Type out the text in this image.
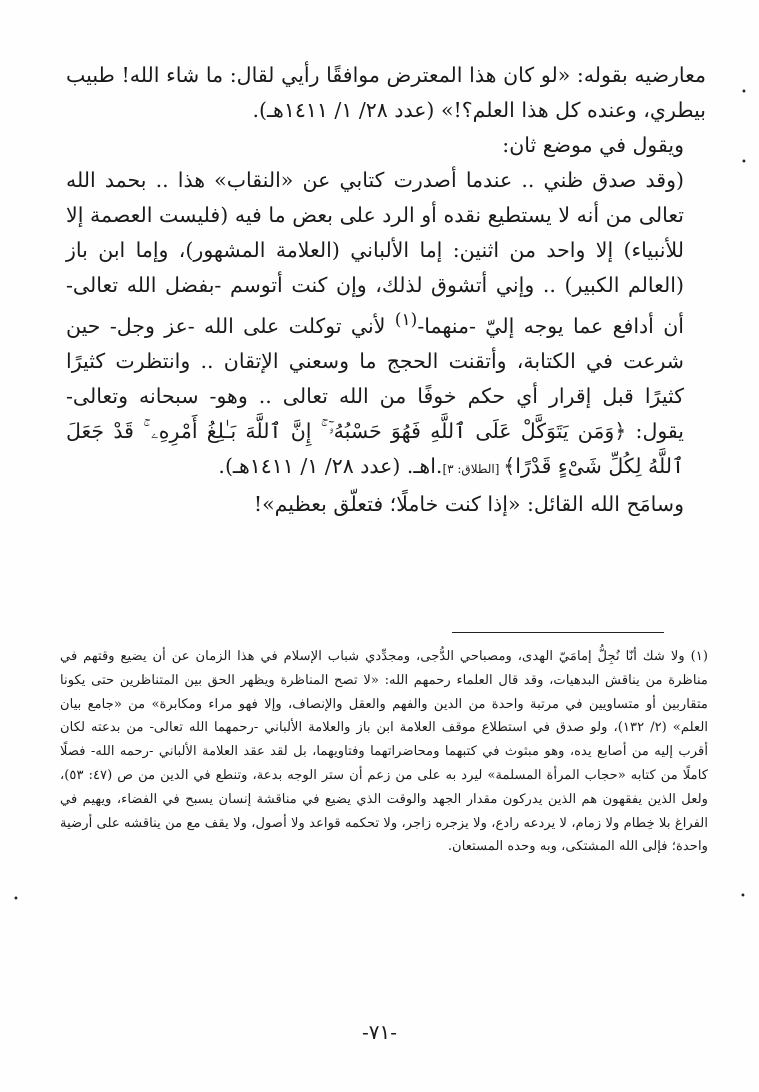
معارضيه بقوله: «لو كان هذا المعترض موافقًا رأيي لقال: ما شاء الله! طبيب بيطري، وعنده كل هذا العلم؟!» (عدد ٢٨/ ١/ ١٤١١هـ).

ويقول في موضع ثان:

(وقد صدق ظني .. عندما أصدرت كتابي عن «النقاب» هذا .. بحمد الله تعالى من أنه لا يستطيع نقده أو الرد على بعض ما فيه (فليست العصمة إلا للأنبياء) إلا واحد من اثنين: إما الألباني (العلامة المشهور)، وإما ابن باز (العالم الكبير) .. وإني أتشوق لذلك، وإن كنت أتوسم -بفضل الله تعالى- أن أدافع عما يوجه إليّ -منهما-$^{(١)}$ لأني توكلت على الله -عز وجل- حين شرعت في الكتابة، وأتقنت الحجج ما وسعني الإتقان .. وانتظرت كثيرًا كثيرًا قبل إقرار أي حكم خوفًا من الله تعالى .. وهو- سبحانه وتعالى- يقول: ﴿وَمَن يَتَوَكَّلْ عَلَى ٱللَّهِ فَهُوَ حَسْبُهُۥٓ ۚ إِنَّ ٱللَّهَ بَـٰلِغُ أَمْرِهِۦ ۚ قَدْ جَعَلَ ٱللَّهُ لِكُلِّ شَىْءٍ قَدْرًا﴾ [الطلاق: ٣].اهـ. (عدد ٢٨/ ١/ ١٤١١هـ).

وسامَح الله القائل: «إذا كنت خاملًا؛ فتعلّق بعظيم»!

(١) ولا شك أنّا نُجِلُّ إمامَيّ الهدى، ومصباحي الدُّجى، ومجدِّدي شباب الإسلام في هذا الزمان عن أن يضيع وقتهم في مناظرة من يناقش البدهيات، وقد قال العلماء رحمهم الله: «لا تصح المناظرة ويظهر الحق بين المتناظرين حتى يكونا متقاربين أو متساويين في مرتبة واحدة من الدين والفهم والعقل والإنصاف، وإلا فهو مراء ومكابرة» من «جامع بيان العلم» (٢/ ١٣٢)، ولو صدق في استطلاع موقف العلامة ابن باز والعلامة الألباني -رحمهما الله تعالى- من بدعته لكان أقرب إليه من أصابع يده، وهو مبثوث في كتبهما ومحاضراتهما وفتاويهما، بل لقد عقد العلامة الألباني -رحمه الله- فصلًا كاملًا من كتابه «حجاب المرأة المسلمة» ليرد به على من زعم أن ستر الوجه بدعة، وتنطع في الدين من ص (٤٧: ٥٣)، ولعل الذين يفقهون هم الذين يدركون مقدار الجهد والوقت الذي يضيع في مناقشة إنسان يسبح في الفضاء، ويهيم في الفراغ بلا خِطام ولا زمام، لا يردعه رادع، ولا يزجره زاجر، ولا تحكمه قواعد ولا أصول، ولا يقف مع من يناقشه على أرضية واحدة؛ فإلى الله المشتكى، وبه وحده المستعان.

-٧١-
•
•
•
•
